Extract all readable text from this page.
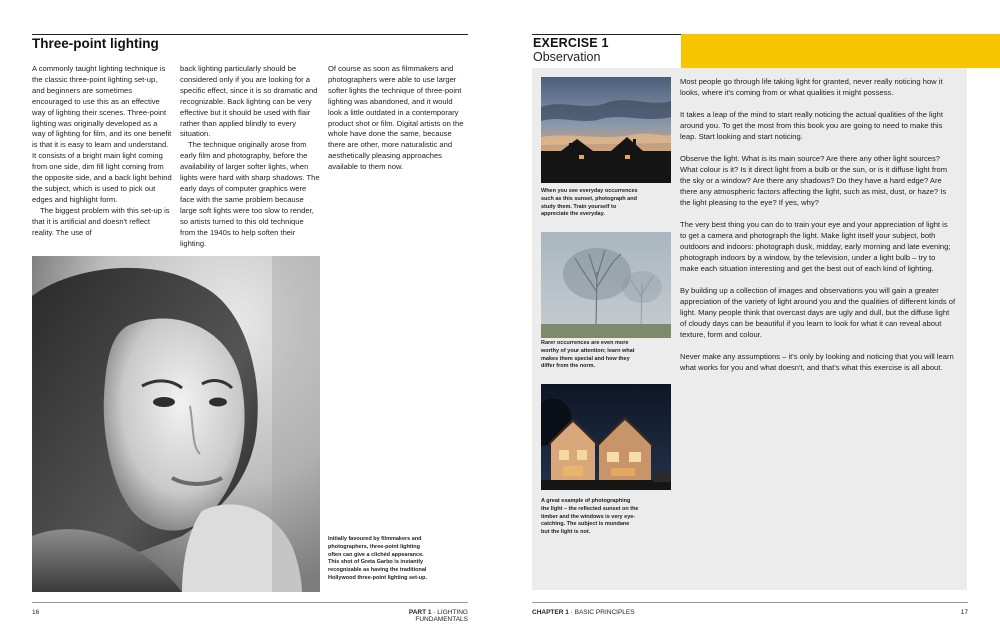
Three-point lighting

A commonly taught lighting technique is the classic three-point lighting set-up, and beginners are sometimes encouraged to use this as an effective way of lighting their scenes. Three-point lighting was originally developed as a way of lighting for film, and its one benefit is that it is easy to learn and understand. It consists of a bright main light coming from one side, dim fill light coming from the opposite side, and a back light behind the subject, which is used to pick out edges and highlight form.

The biggest problem with this set-up is that it is artificial and doesn't reflect reality. The use of

back lighting particularly should be considered only if you are looking for a specific effect, since it is so dramatic and recognizable. Back lighting can be very effective but it should be used with flair rather than applied blindly to every situation.

The technique originally arose from early film and photography, before the availability of larger softer lights, when lights were hard with sharp shadows. The early days of computer graphics were face with the same problem because large soft lights were too slow to render, so artists turned to this old technique from the 1940s to help soften their lighting.

Of course as soon as filmmakers and photographers were able to use larger softer lights the technique of three-point lighting was abandoned, and it would look a little outdated in a contemporary product shot or film. Digital artists on the whole have done the same, because there are other, more naturalistic and aesthetically pleasing approaches available to them now.

Initially favoured by filmmakers and photographers, three-point lighting often can give a clichéd appearance. This shot of Greta Garbo is instantly recognizable as having the traditional Hollywood three-point lighting set-up.
16	PART 1 · LIGHTING FUNDAMENTALS
EXERCISE 1
Observation
When you see everyday occurrences such as this sunset, photograph and study them. Train yourself to appreciate the everyday.
Rarer occurrences are even more worthy of your attention; learn what makes them special and how they differ from the norm.
A great example of photographing the light – the reflected sunset on the timber and the windows is very eye-catching. The subject is mundane but the light is not.

Most people go through life taking light for granted, never really noticing how it looks, where it's coming from or what qualities it might possess.

It takes a leap of the mind to start really noticing the actual qualities of the light around you. To get the most from this book you are going to need to make this leap. Start looking and start noticing.

Observe the light. What is its main source? Are there any other light sources? What colour is it? Is it direct light from a bulb or the sun, or is it diffuse light from the sky or a window? Are there any shadows? Do they have a hard edge? Are there any atmospheric factors affecting the light, such as mist, dust, or haze? Is the light pleasing to the eye? If yes, why?

The very best thing you can do to train your eye and your appreciation of light is to get a camera and photograph the light. Make light itself your subject, both outdoors and indoors: photograph dusk, midday, early morning and late evening; photograph indoors by a window, by the television, under a light bulb – try to make each situation interesting and get the best out of each kind of lighting.

By building up a collection of images and observations you will gain a greater appreciation of the variety of light around you and the qualities of different kinds of light. Many people think that overcast days are ugly and dull, but the diffuse light of cloudy days can be beautiful if you learn to look for what it can reveal about texture, form and colour.

Never make any assumptions – it's only by looking and noticing that you will learn what works for you and what doesn't, and that's what this exercise is all about.

CHAPTER 1 · BASIC PRINCIPLES	17
